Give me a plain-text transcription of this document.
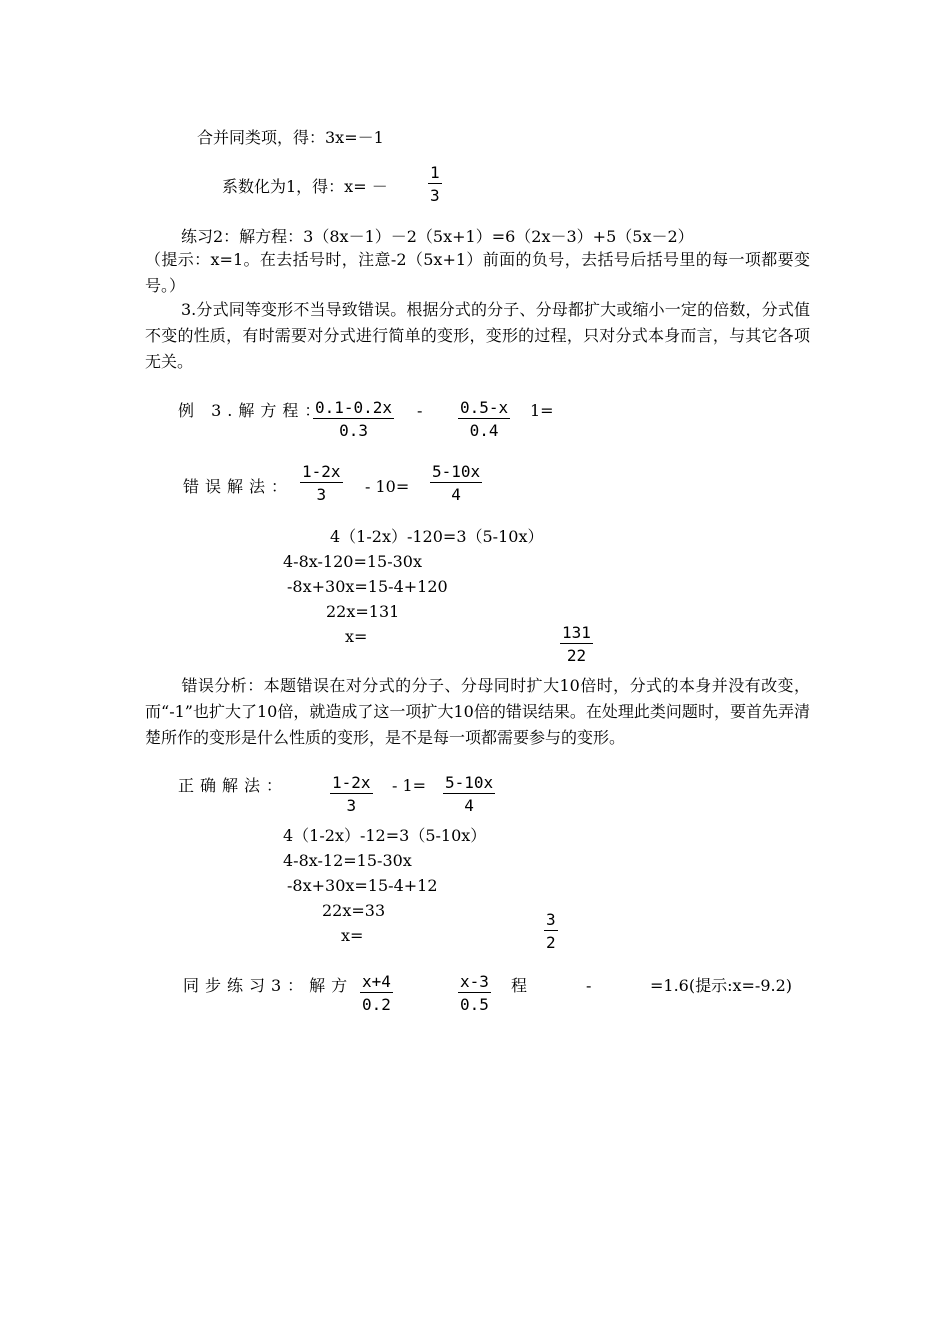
合并同类项，得：3x=－1
系数化为1，得：x= －	$\frac{1}{3}$
练习2：解方程：3（8x－1）－2（5x+1）=6（2x－3）+5（5x－2）
（提示：x=1。在去括号时，注意-2（5x+1）前面的负号，去括号后括号里的每一项都要变号。）
3.分式同等变形不当导致错误。根据分式的分子、分母都扩大或缩小一定的倍数，分式值不变的性质，有时需要对分式进行简单的变形，变形的过程，只对分式本身而言，与其它各项无关。
例 3.解方程：
$\frac{0.1-0.2x}{0.3} - \frac{0.5-x}{0.4} 1=$
错误解法： $\frac{1-2x}{3} - 10= \frac{5-10x}{4}$
4（1-2x）-120=3（5-10x）
4-8x-120=15-30x
-8x+30x=15-4+120
22x=131
x=	$\frac{131}{22}$
错误分析：本题错误在对分式的分子、分母同时扩大10倍时，分式的本身并没有改变，而“-1”也扩大了10倍，就造成了这一项扩大10倍的错误结果。在处理此类问题时，要首先弄清楚所作的变形是什么性质的变形，是不是每一项都需要参与的变形。
正确解法：	$\frac{1-2x}{3} - 1= \frac{5-10x}{4}$
4（1-2x）-12=3（5-10x）
4-8x-12=15-30x
-8x+30x=15-4+12
22x=33
x=	$\frac{3}{2}$
同步练习3：解方 $\frac{x+4}{0.2}$	$\frac{x-3}{0.5}$ 程	-	=1.6(提示:x=-9.2)
